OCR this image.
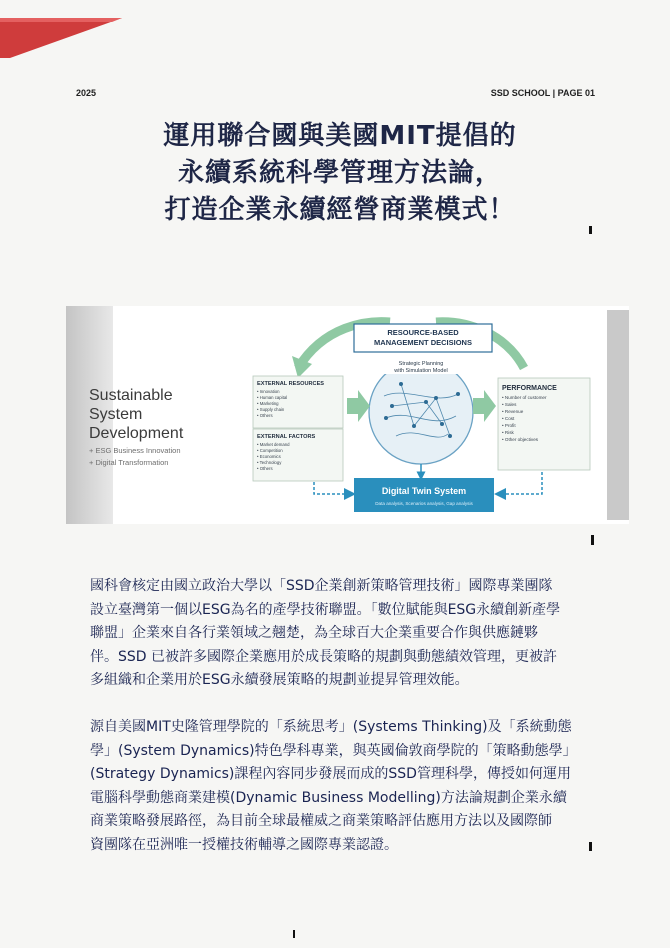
2025	SSD SCHOOL | PAGE 01
運用聯合國與美國MIT提倡的
永續系統科學管理方法論，
打造企業永續經營商業模式！
Sustainable
System
Development
+ ESG Business Innovation
+ Digital Transformation
RESOURCE-BASED
MANAGEMENT DECISIONS
Strategic Planning
with Simulation Model
EXTERNAL RESOURCES
• Innovation
• Human capital
• Marketing
• Supply chain
• Others
EXTERNAL FACTORS
• Market demand
• Competition
• Economics
• Technology
• Others
PERFORMANCE
• Number of customer
• Sales
• Revenue
• Cost
• Profit
• Risk
• Other objectives
Digital Twin System
Data analysis, Scenarios analysis, Gap analysis
國科會核定由國立政治大學以「SSD企業創新策略管理技術」國際專業團隊
設立臺灣第一個以ESG為名的產學技術聯盟。「數位賦能與ESG永續創新產學
聯盟」企業來自各行業領域之翹楚，為全球百大企業重要合作與供應鏈夥
伴。SSD 已被許多國際企業應用於成長策略的規劃與動態績效管理，更被許
多組織和企業用於ESG永續發展策略的規劃並提昇管理效能。
源自美國MIT史隆管理學院的「系統思考」(Systems Thinking)及「系統動態
學」(System Dynamics)特色學科專業，與英國倫敦商學院的「策略動態學」
(Strategy Dynamics)課程內容同步發展而成的SSD管理科學，傳授如何運用
電腦科學動態商業建模(Dynamic Business Modelling)方法論規劃企業永續
商業策略發展路徑，為目前全球最權威之商業策略評估應用方法以及國際師
資團隊在亞洲唯一授權技術輔導之國際專業認證。
